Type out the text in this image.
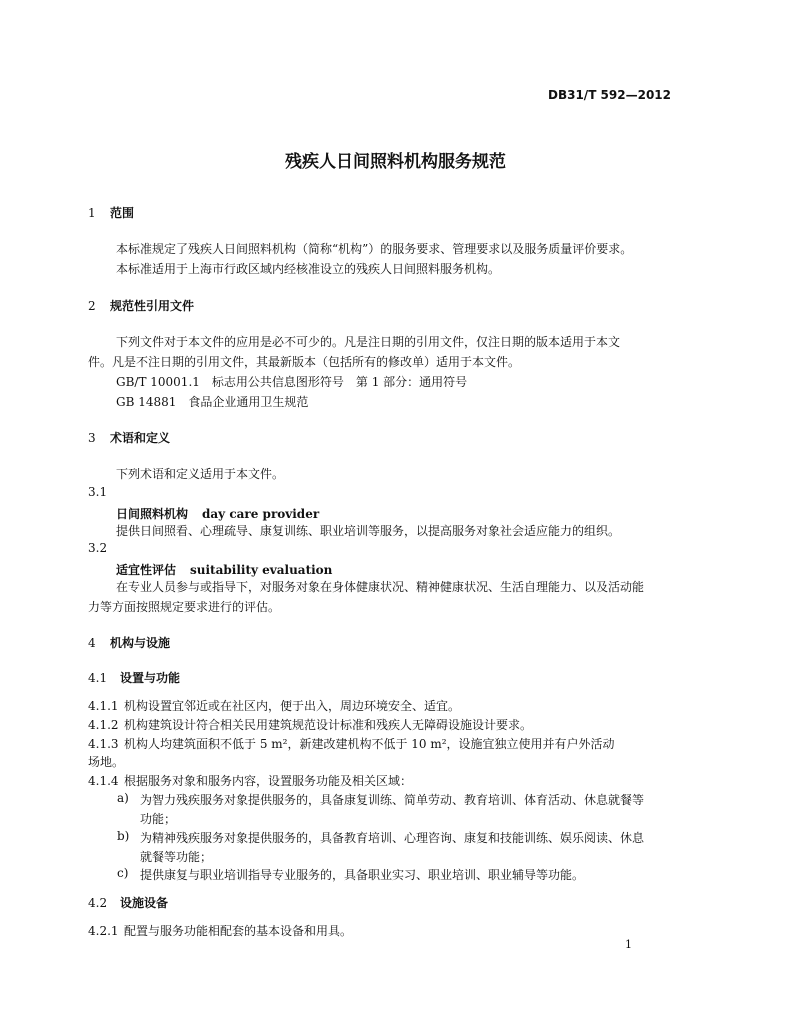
DB31/T 592—2012
残疾人日间照料机构服务规范
1 范围
本标准规定了残疾人日间照料机构（简称“机构”）的服务要求、管理要求以及服务质量评价要求。
本标准适用于上海市行政区域内经核准设立的残疾人日间照料服务机构。
2 规范性引用文件
下列文件对于本文件的应用是必不可少的。凡是注日期的引用文件，仅注日期的版本适用于本文
件。凡是不注日期的引用文件，其最新版本（包括所有的修改单）适用于本文件。
GB/T 10001.1　标志用公共信息图形符号　第 1 部分：通用符号
GB 14881　食品企业通用卫生规范
3 术语和定义
下列术语和定义适用于本文件。
3.1
日间照料机构 day care provider
提供日间照看、心理疏导、康复训练、职业培训等服务，以提高服务对象社会适应能力的组织。
3.2
适宜性评估 suitability evaluation
在专业人员参与或指导下，对服务对象在身体健康状况、精神健康状况、生活自理能力、以及活动能
力等方面按照规定要求进行的评估。
4 机构与设施
4.1 设置与功能
4.1.1 机构设置宜邻近或在社区内，便于出入，周边环境安全、适宜。
4.1.2 机构建筑设计符合相关民用建筑规范设计标准和残疾人无障碍设施设计要求。
4.1.3 机构人均建筑面积不低于 5 m²，新建改建机构不低于 10 m²，设施宜独立使用并有户外活动
场地。
4.1.4 根据服务对象和服务内容，设置服务功能及相关区域：
a) 为智力残疾服务对象提供服务的，具备康复训练、简单劳动、教育培训、体育活动、休息就餐等
功能；
b) 为精神残疾服务对象提供服务的，具备教育培训、心理咨询、康复和技能训练、娱乐阅读、休息
就餐等功能；
c) 提供康复与职业培训指导专业服务的，具备职业实习、职业培训、职业辅导等功能。
4.2 设施设备
4.2.1 配置与服务功能相配套的基本设备和用具。
1
